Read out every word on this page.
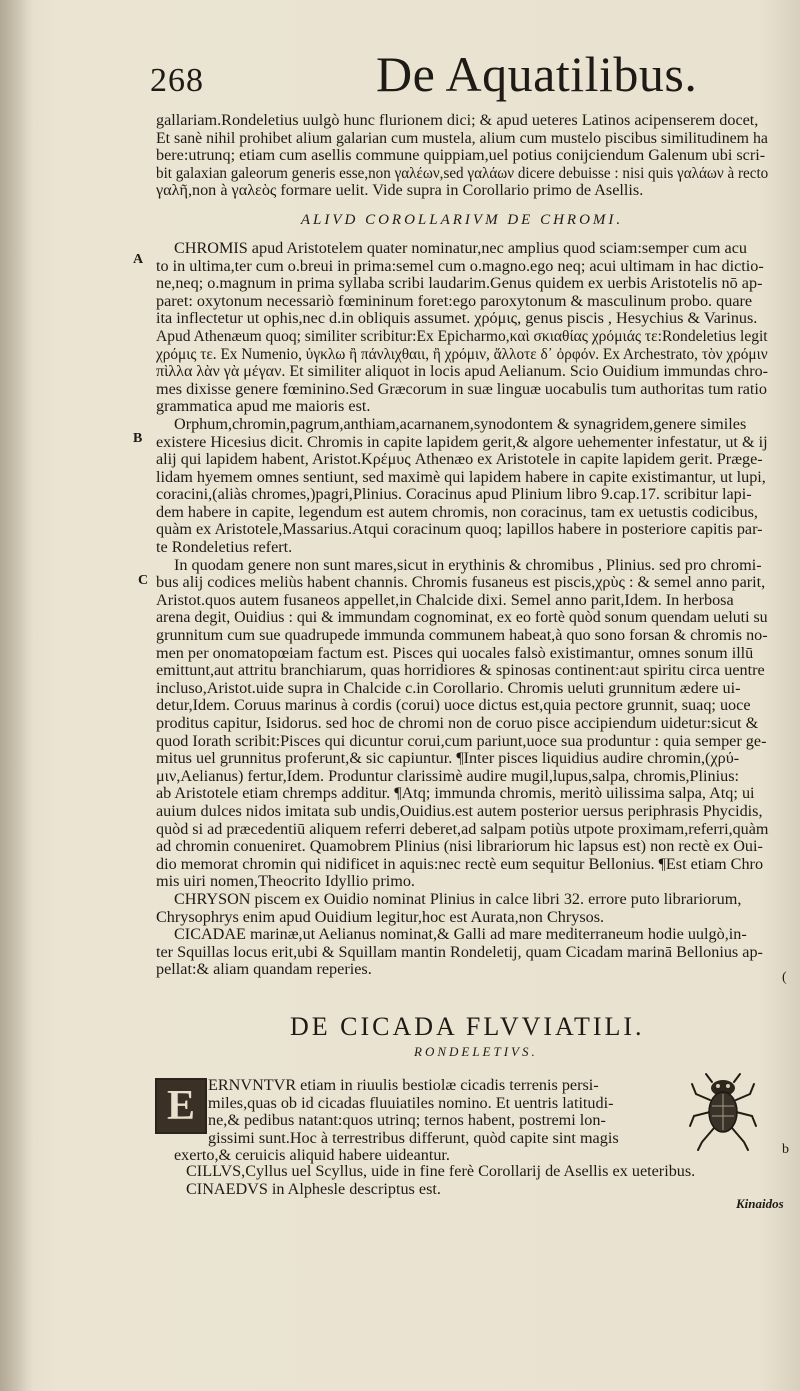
268	De Aquatilibus.
A
B
C
(
b
gallariam.Rondeletius uulgò hunc flurionem dici; & apud ueteres Latinos acipenserem docet,
Et sanè nihil prohibet alium galarian cum mustela, alium cum mustelo piscibus similitudinem ha
bere:utrunq; etiam cum asellis commune quippiam,uel potius conijciendum Galenum ubi scri-
bit galaxian galeorum generis esse,non γαλέων,sed γαλάων dicere debuisse : nisi quis γαλάων à recto
γαλῆ,non à γαλεὸς formare uelit. Vide supra in Corollario primo de Asellis.
ALIVD COROLLARIVM DE CHROMI.
CHROMIS apud Aristotelem quater nominatur,nec amplius quod sciam:semper cum acu
to in ultima,ter cum o.breui in prima:semel cum o.magno.ego neq; acui ultimam in hac dictio-
ne,neq; o.magnum in prima syllaba scribi laudarim.Genus quidem ex uerbis Aristotelis nō ap-
paret: oxytonum necessariò fœmininum foret:ego paroxytonum & masculinum probo. quare
ita inflectetur ut ophis,nec d.in obliquis assumet. χρόμις, genus piscis , Hesychius & Varinus.
Apud Athenæum quoq; similiter scribitur:Ex Epicharmo,καὶ σκιαθίας χρόμιάς τε:Rondeletius legit
χρόμις τε. Ex Numenio, ὑγκλω ἢ πάνλιχθαιι, ἢ χρόμιν, ἄλλοτε δ᾽ ὀρφόν. Ex Archestrato, τὸν χρόμιν
πὶλλα λὰν γὰ μέγαν. Et similiter aliquot in locis apud Aelianum. Scio Ouidium immundas chro-
mes dixisse genere fœminino.Sed Græcorum in suæ linguæ uocabulis tum authoritas tum ratio
grammatica apud me maioris est.
Orphum,chromin,pagrum,anthiam,acarnanem,synodontem & synagridem,genere similes
existere Hicesius dicit. Chromis in capite lapidem gerit,& algore uehementer infestatur, ut & ij
alij qui lapidem habent, Aristot.Κρέμυς Athenæo ex Aristotele in capite lapidem gerit. Præge-
lidam hyemem omnes sentiunt, sed maximè qui lapidem habere in capite existimantur, ut lupi,
coracini,(aliàs chromes,)pagri,Plinius. Coracinus apud Plinium libro 9.cap.17. scribitur lapi-
dem habere in capite, legendum est autem chromis, non coracinus, tam ex uetustis codicibus,
quàm ex Aristotele,Massarius.Atqui coracinum quoq; lapillos habere in posteriore capitis par-
te Rondeletius refert.
In quodam genere non sunt mares,sicut in erythinis & chromibus , Plinius. sed pro chromi-
bus alij codices meliùs habent channis. Chromis fusaneus est piscis,χρὺς : & semel anno parit,
Aristot.quos autem fusaneos appellet,in Chalcide dixi. Semel anno parit,Idem. In herbosa
arena degit, Ouidius : qui & immundam cognominat, ex eo fortè quòd sonum quendam ueluti su
grunnitum cum sue quadrupede immunda communem habeat,à quo sono forsan & chromis no-
men per onomatopœiam factum est. Pisces qui uocales falsò existimantur, omnes sonum illū
emittunt,aut attritu branchiarum, quas horridiores & spinosas continent:aut spiritu circa uentre
incluso,Aristot.uide supra in Chalcide c.in Corollario. Chromis ueluti grunnitum ædere ui-
detur,Idem. Coruus marinus à cordis (corui) uoce dictus est,quia pectore grunnit, suaq; uoce
proditus capitur, Isidorus. sed hoc de chromi non de coruo pisce accipiendum uidetur:sicut &
quod Iorath scribit:Pisces qui dicuntur corui,cum pariunt,uoce sua produntur : quia semper ge-
mitus uel grunnitus proferunt,& sic capiuntur. ¶Inter pisces liquidius audire chromin,(χρύ-
μιν,Aelianus) fertur,Idem. Produntur clarissimè audire mugil,lupus,salpa, chromis,Plinius:
ab Aristotele etiam chremps additur. ¶Atq; immunda chromis, meritò uilissima salpa, Atq; ui
auium dulces nidos imitata sub undis,Ouidius.est autem posterior uersus periphrasis Phycidis,
quòd si ad præcedentiū aliquem referri deberet,ad salpam potiùs utpote proximam,referri,quàm
ad chromin conueniret. Quamobrem Plinius (nisi librariorum hic lapsus est) non rectè ex Oui-
dio memorat chromin qui nidificet in aquis:nec rectè eum sequitur Bellonius. ¶Est etiam Chro
mis uiri nomen,Theocrito Idyllio primo.
CHRYSON piscem ex Ouidio nominat Plinius in calce libri 32. errore puto librariorum,
Chrysophrys enim apud Ouidium legitur,hoc est Aurata,non Chrysos.
CICADAE marinæ,ut Aelianus nominat,& Galli ad mare mediterraneum hodie uulgò,in-
ter Squillas locus erit,ubi & Squillam mantin Rondeletij, quam Cicadam marinā Bellonius ap-
pellat:& aliam quandam reperies.
DE CICADA FLVVIATILI.
RONDELETIVS.
E ERNVNTVR etiam in riuulis bestiolæ cicadis terrenis persi-
miles,quas ob id cicadas fluuiatiles nomino. Et uentris latitudi-
ne,& pedibus natant:quos utrinq; ternos habent, postremi lon-
gissimi sunt.Hoc à terrestribus differunt, quòd capite sint magis
exerto,& ceruicis aliquid habere uideantur.
CILLVS,Cyllus uel Scyllus, uide in fine ferè Corollarij de Asellis ex ueteribus.
CINAEDVS in Alphesle descriptus est.
Kinaidos
